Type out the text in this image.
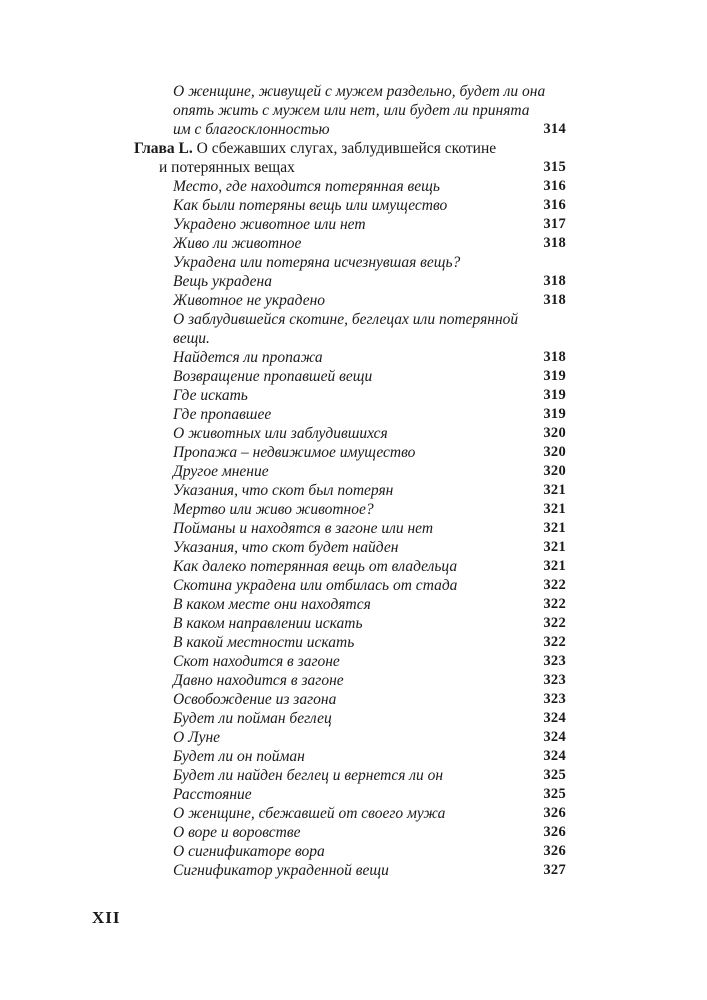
О женщине, живущей с мужем раздельно, будет ли она
опять жить с мужем или нет, или будет ли принята
им с благосклонностью	314
Глава L. О сбежавших слугах, заблудившейся скотине
и потерянных вещах	315
Место, где находится потерянная вещь	316
Как были потеряны вещь или имущество	316
Украдено животное или нет	317
Живо ли животное	318
Украдена или потеряна исчезнувшая вещь?
Вещь украдена	318
Животное не украдено	318
О заблудившейся скотине, беглецах или потерянной
вещи.
Найдется ли пропажа	318
Возвращение пропавшей вещи	319
Где искать	319
Где пропавшее	319
О животных или заблудившихся	320
Пропажа – недвижимое имущество	320
Другое мнение	320
Указания, что скот был потерян	321
Мертво или живо животное?	321
Пойманы и находятся в загоне или нет	321
Указания, что скот будет найден	321
Как далеко потерянная вещь от владельца	321
Скотина украдена или отбилась от стада	322
В каком месте они находятся	322
В каком направлении искать	322
В какой местности искать	322
Скот находится в загоне	323
Давно находится в загоне	323
Освобождение из загона	323
Будет ли пойман беглец	324
О Луне	324
Будет ли он пойман	324
Будет ли найден беглец и вернется ли он	325
Расстояние	325
О женщине, сбежавшей от своего мужа	326
О воре и воровстве	326
О сигнификаторе вора	326
Сигнификатор украденной вещи	327
XII
